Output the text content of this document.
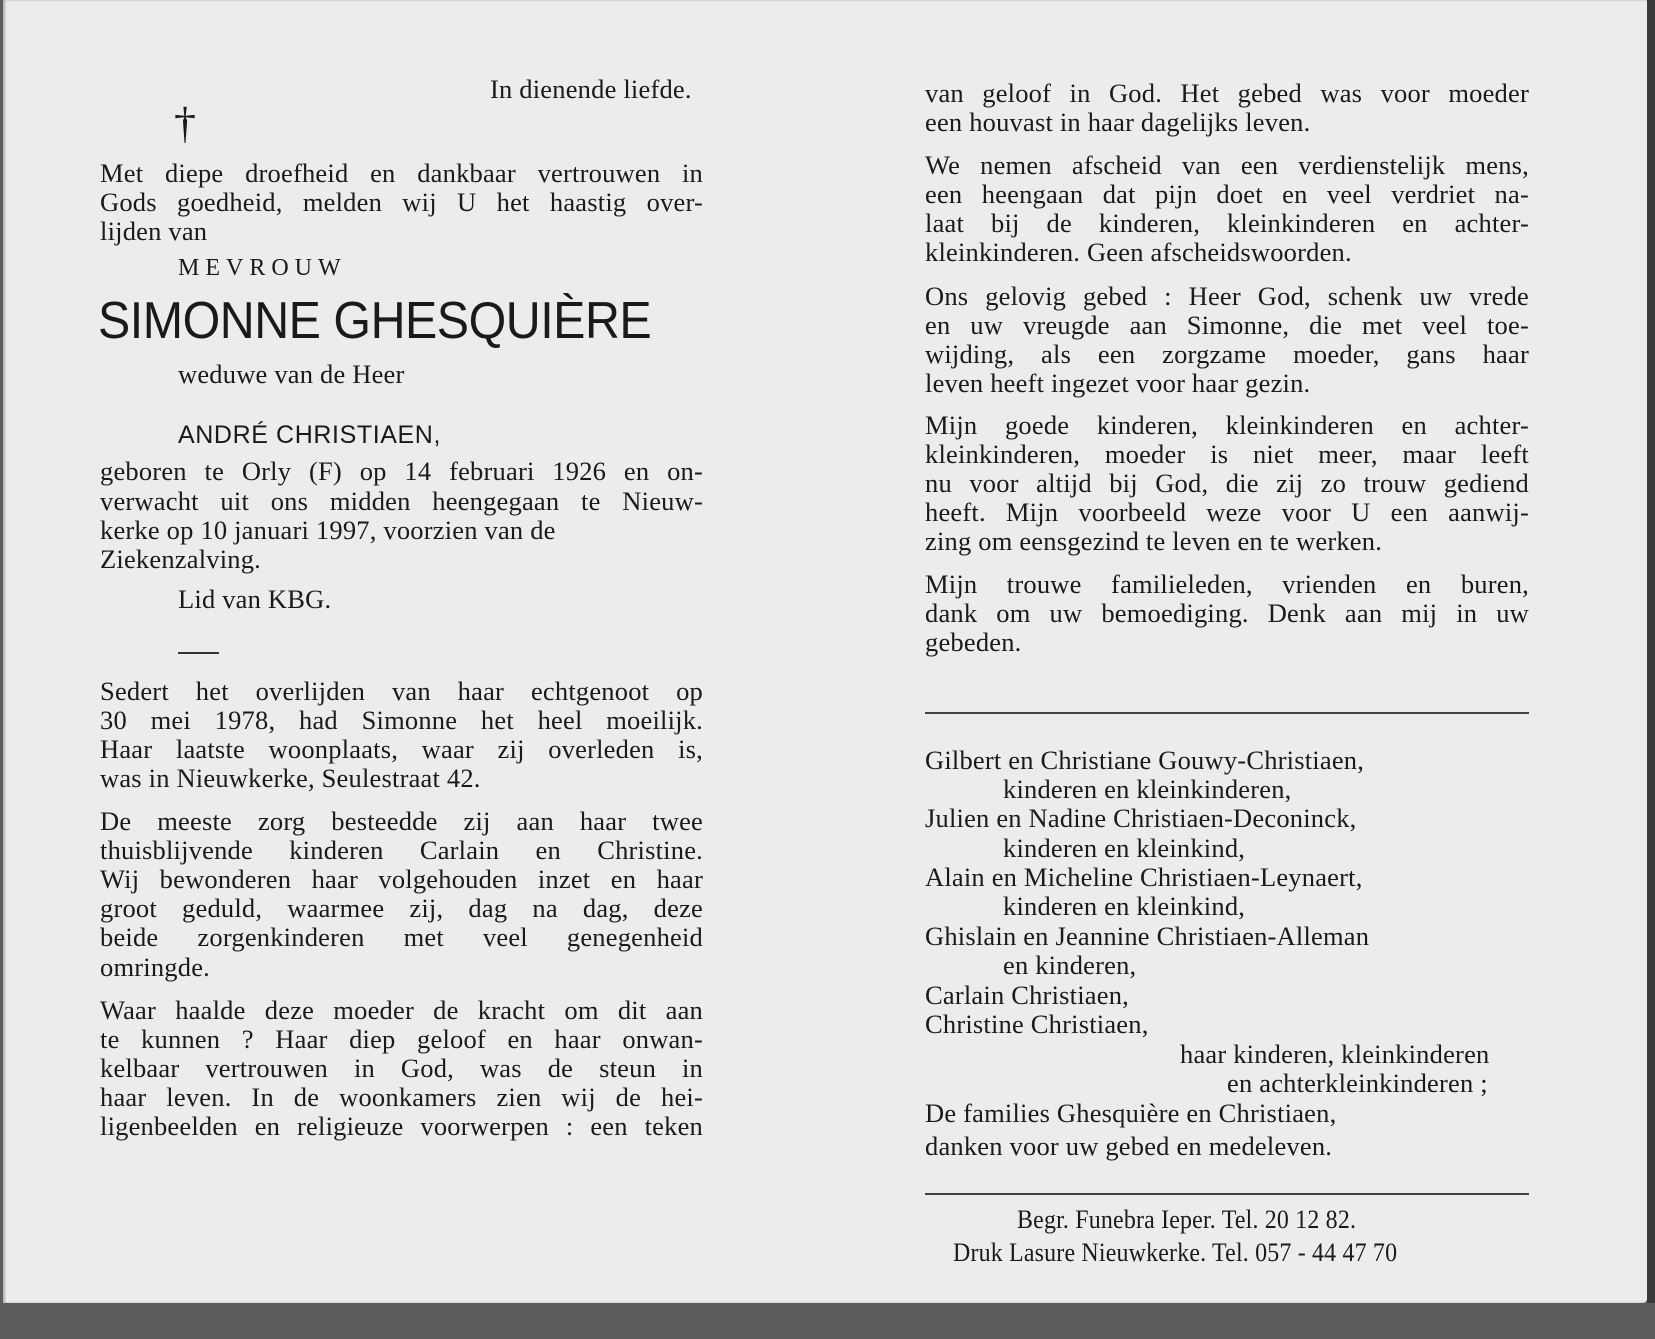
In dienende liefde.
†
Met diepe droefheid en dankbaar vertrouwen in
Gods goedheid, melden wij U het haastig over-
lijden van
MEVROUW
SIMONNE GHESQUIÈRE
weduwe van de Heer
ANDRÉ CHRISTIAEN,
geboren te Orly (F) op 14 februari 1926 en on-
verwacht uit ons midden heengegaan te Nieuw-
kerke op 10 januari 1997, voorzien van de
Ziekenzalving.
Lid van KBG.
Sedert het overlijden van haar echtgenoot op
30 mei 1978, had Simonne het heel moeilijk.
Haar laatste woonplaats, waar zij overleden is,
was in Nieuwkerke, Seulestraat 42.
De meeste zorg besteedde zij aan haar twee
thuisblijvende kinderen Carlain en Christine.
Wij bewonderen haar volgehouden inzet en haar
groot geduld, waarmee zij, dag na dag, deze
beide zorgenkinderen met veel genegenheid
omringde.
Waar haalde deze moeder de kracht om dit aan
te kunnen ? Haar diep geloof en haar onwan-
kelbaar vertrouwen in God, was de steun in
haar leven. In de woonkamers zien wij de hei-
ligenbeelden en religieuze voorwerpen : een teken
van geloof in God. Het gebed was voor moeder
een houvast in haar dagelijks leven.
We nemen afscheid van een verdienstelijk mens,
een heengaan dat pijn doet en veel verdriet na-
laat bij de kinderen, kleinkinderen en achter-
kleinkinderen. Geen afscheidswoorden.
Ons gelovig gebed : Heer God, schenk uw vrede
en uw vreugde aan Simonne, die met veel toe-
wijding, als een zorgzame moeder, gans haar
leven heeft ingezet voor haar gezin.
Mijn goede kinderen, kleinkinderen en achter-
kleinkinderen, moeder is niet meer, maar leeft
nu voor altijd bij God, die zij zo trouw gediend
heeft. Mijn voorbeeld weze voor U een aanwij-
zing om eensgezind te leven en te werken.
Mijn trouwe familieleden, vrienden en buren,
dank om uw bemoediging. Denk aan mij in uw
gebeden.
Gilbert en Christiane Gouwy-Christiaen,
kinderen en kleinkinderen,
Julien en Nadine Christiaen-Deconinck,
kinderen en kleinkind,
Alain en Micheline Christiaen-Leynaert,
kinderen en kleinkind,
Ghislain en Jeannine Christiaen-Alleman
en kinderen,
Carlain Christiaen,
Christine Christiaen,
haar kinderen, kleinkinderen
en achterkleinkinderen ;
De families Ghesquière en Christiaen,
danken voor uw gebed en medeleven.
Begr. Funebra Ieper. Tel. 20 12 82.
Druk Lasure Nieuwkerke. Tel. 057 - 44 47 70
